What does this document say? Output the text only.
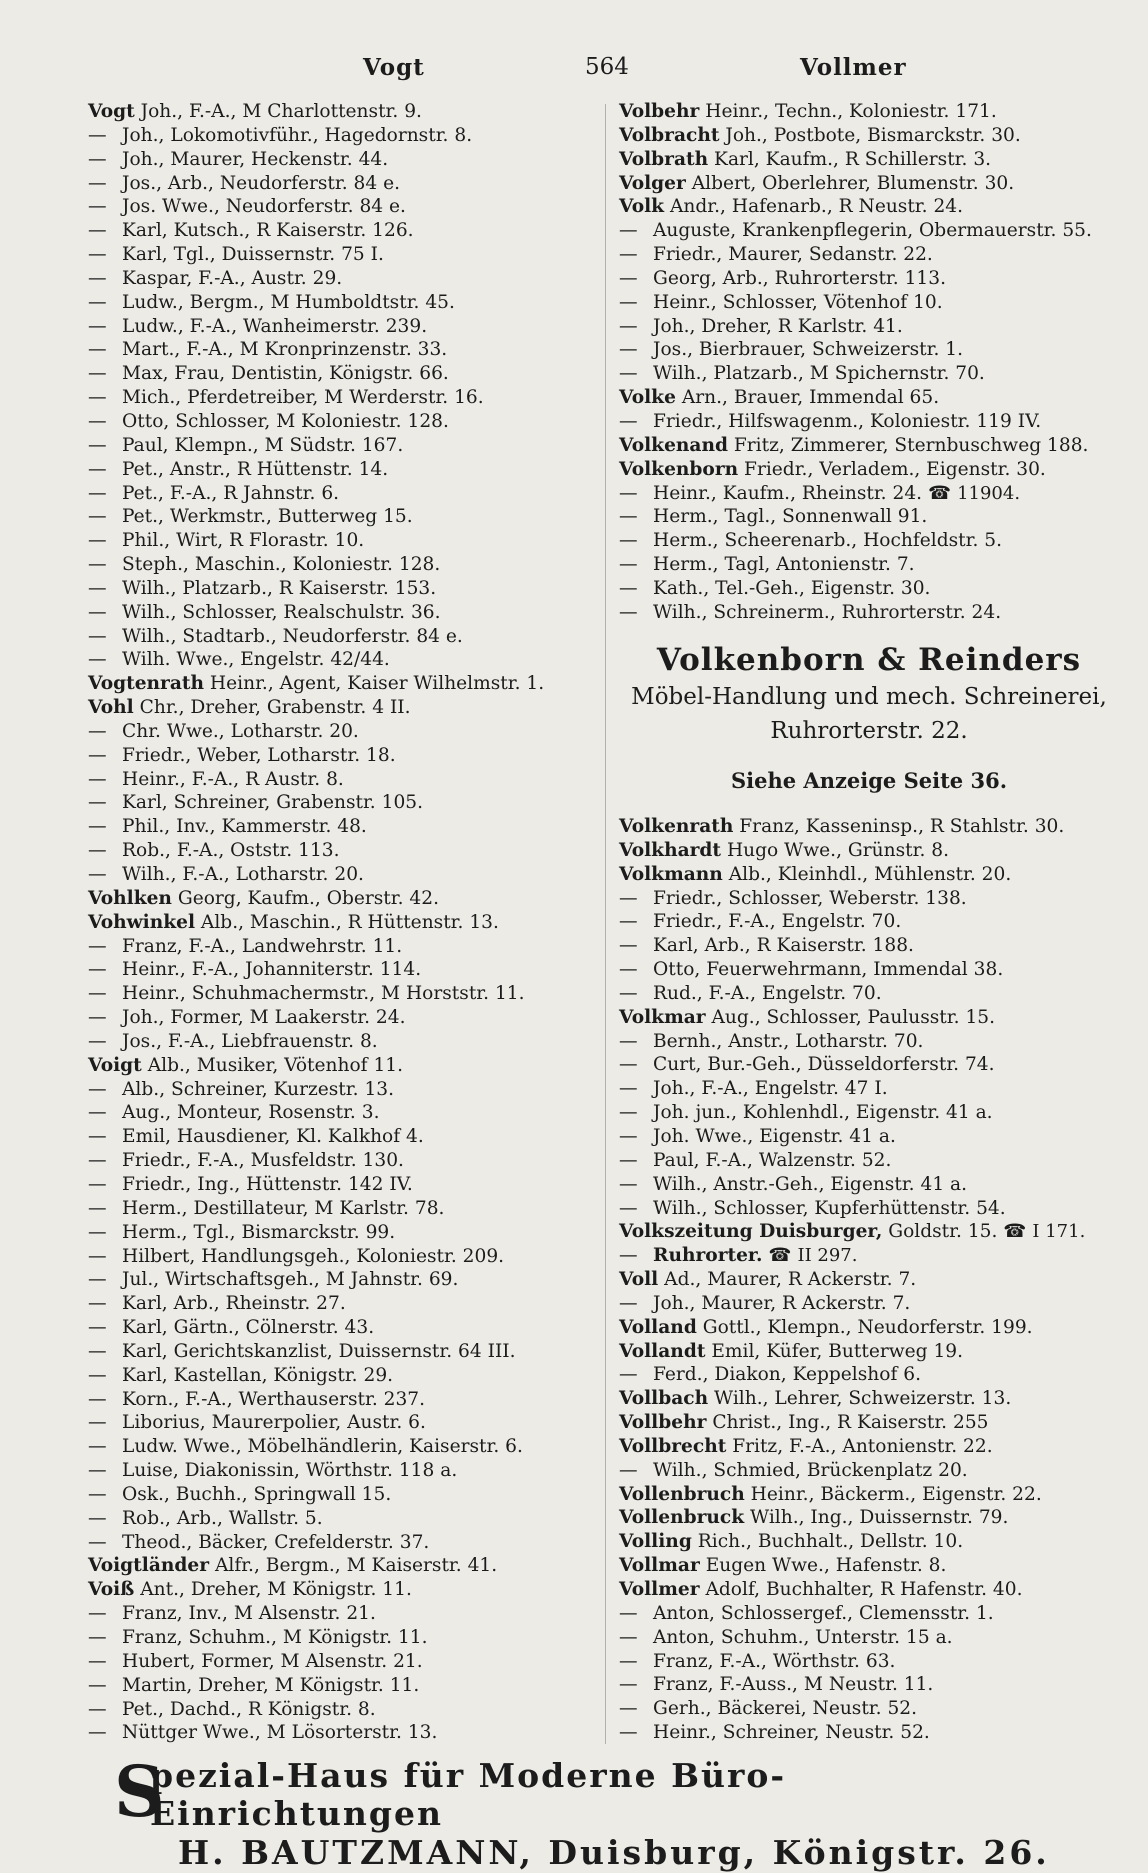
Vogt	564	Vollmer
Vogt Joh., F.-A., M Charlottenstr. 9.
— Joh., Lokomotivführ., Hagedornstr. 8.
— Joh., Maurer, Heckenstr. 44.
— Jos., Arb., Neudorferstr. 84 e.
— Jos. Wwe., Neudorferstr. 84 e.
— Karl, Kutsch., R Kaiserstr. 126.
— Karl, Tgl., Duissernstr. 75 I.
— Kaspar, F.-A., Austr. 29.
— Ludw., Bergm., M Humboldtstr. 45.
— Ludw., F.-A., Wanheimerstr. 239.
— Mart., F.-A., M Kronprinzenstr. 33.
— Max, Frau, Dentistin, Königstr. 66.
— Mich., Pferdetreiber, M Werderstr. 16.
— Otto, Schlosser, M Koloniestr. 128.
— Paul, Klempn., M Südstr. 167.
— Pet., Anstr., R Hüttenstr. 14.
— Pet., F.-A., R Jahnstr. 6.
— Pet., Werkmstr., Butterweg 15.
— Phil., Wirt, R Florastr. 10.
— Steph., Maschin., Koloniestr. 128.
— Wilh., Platzarb., R Kaiserstr. 153.
— Wilh., Schlosser, Realschulstr. 36.
— Wilh., Stadtarb., Neudorferstr. 84 e.
— Wilh. Wwe., Engelstr. 42/44.
Vogtenrath Heinr., Agent, Kaiser Wilhelmstr. 1.
Vohl Chr., Dreher, Grabenstr. 4 II.
— Chr. Wwe., Lotharstr. 20.
— Friedr., Weber, Lotharstr. 18.
— Heinr., F.-A., R Austr. 8.
— Karl, Schreiner, Grabenstr. 105.
— Phil., Inv., Kammerstr. 48.
— Rob., F.-A., Oststr. 113.
— Wilh., F.-A., Lotharstr. 20.
Vohlken Georg, Kaufm., Oberstr. 42.
Vohwinkel Alb., Maschin., R Hüttenstr. 13.
— Franz, F.-A., Landwehrstr. 11.
— Heinr., F.-A., Johanniterstr. 114.
— Heinr., Schuhmachermstr., M Horststr. 11.
— Joh., Former, M Laakerstr. 24.
— Jos., F.-A., Liebfrauenstr. 8.
Voigt Alb., Musiker, Vötenhof 11.
— Alb., Schreiner, Kurzestr. 13.
— Aug., Monteur, Rosenstr. 3.
— Emil, Hausdiener, Kl. Kalkhof 4.
— Friedr., F.-A., Musfeldstr. 130.
— Friedr., Ing., Hüttenstr. 142 IV.
— Herm., Destillateur, M Karlstr. 78.
— Herm., Tgl., Bismarckstr. 99.
— Hilbert, Handlungsgeh., Koloniestr. 209.
— Jul., Wirtschaftsgeh., M Jahnstr. 69.
— Karl, Arb., Rheinstr. 27.
— Karl, Gärtn., Cölnerstr. 43.
— Karl, Gerichtskanzlist, Duissernstr. 64 III.
— Karl, Kastellan, Königstr. 29.
— Korn., F.-A., Werthauserstr. 237.
— Liborius, Maurerpolier, Austr. 6.
— Ludw. Wwe., Möbelhändlerin, Kaiserstr. 6.
— Luise, Diakonissin, Wörthstr. 118 a.
— Osk., Buchh., Springwall 15.
— Rob., Arb., Wallstr. 5.
— Theod., Bäcker, Crefelderstr. 37.
Voigtländer Alfr., Bergm., M Kaiserstr. 41.
Voiß Ant., Dreher, M Königstr. 11.
— Franz, Inv., M Alsenstr. 21.
— Franz, Schuhm., M Königstr. 11.
— Hubert, Former, M Alsenstr. 21.
— Martin, Dreher, M Königstr. 11.
— Pet., Dachd., R Königstr. 8.
— Nüttger Wwe., M Lösorterstr. 13.
Volbehr Heinr., Techn., Koloniestr. 171.
Volbracht Joh., Postbote, Bismarckstr. 30.
Volbrath Karl, Kaufm., R Schillerstr. 3.
Volger Albert, Oberlehrer, Blumenstr. 30.
Volk Andr., Hafenarb., R Neustr. 24.
— Auguste, Krankenpflegerin, Obermauerstr. 55.
— Friedr., Maurer, Sedanstr. 22.
— Georg, Arb., Ruhrorterstr. 113.
— Heinr., Schlosser, Vötenhof 10.
— Joh., Dreher, R Karlstr. 41.
— Jos., Bierbrauer, Schweizerstr. 1.
— Wilh., Platzarb., M Spichernstr. 70.
Volke Arn., Brauer, Immendal 65.
— Friedr., Hilfswagenm., Koloniestr. 119 IV.
Volkenand Fritz, Zimmerer, Sternbuschweg 188.
Volkenborn Friedr., Verladem., Eigenstr. 30.
— Heinr., Kaufm., Rheinstr. 24. ☎ 11904.
— Herm., Tagl., Sonnenwall 91.
— Herm., Scheerenarb., Hochfeldstr. 5.
— Herm., Tagl, Antonienstr. 7.
— Kath., Tel.-Geh., Eigenstr. 30.
— Wilh., Schreinerm., Ruhrorterstr. 24.
Volkenborn & Reinders
Möbel-Handlung und mech. Schreinerei,
Ruhrorterstr. 22.
Siehe Anzeige Seite 36.
Volkenrath Franz, Kasseninsp., R Stahlstr. 30.
Volkhardt Hugo Wwe., Grünstr. 8.
Volkmann Alb., Kleinhdl., Mühlenstr. 20.
— Friedr., Schlosser, Weberstr. 138.
— Friedr., F.-A., Engelstr. 70.
— Karl, Arb., R Kaiserstr. 188.
— Otto, Feuerwehrmann, Immendal 38.
— Rud., F.-A., Engelstr. 70.
Volkmar Aug., Schlosser, Paulusstr. 15.
— Bernh., Anstr., Lotharstr. 70.
— Curt, Bur.-Geh., Düsseldorferstr. 74.
— Joh., F.-A., Engelstr. 47 I.
— Joh. jun., Kohlenhdl., Eigenstr. 41 a.
— Joh. Wwe., Eigenstr. 41 a.
— Paul, F.-A., Walzenstr. 52.
— Wilh., Anstr.-Geh., Eigenstr. 41 a.
— Wilh., Schlosser, Kupferhüttenstr. 54.
Volkszeitung Duisburger, Goldstr. 15. ☎ I 171.
— Ruhrorter. ☎ II 297.
Voll Ad., Maurer, R Ackerstr. 7.
— Joh., Maurer, R Ackerstr. 7.
Volland Gottl., Klempn., Neudorferstr. 199.
Vollandt Emil, Küfer, Butterweg 19.
— Ferd., Diakon, Keppelshof 6.
Vollbach Wilh., Lehrer, Schweizerstr. 13.
Vollbehr Christ., Ing., R Kaiserstr. 255
Vollbrecht Fritz, F.-A., Antonienstr. 22.
— Wilh., Schmied, Brückenplatz 20.
Vollenbruch Heinr., Bäckerm., Eigenstr. 22.
Vollenbruck Wilh., Ing., Duissernstr. 79.
Volling Rich., Buchhalt., Dellstr. 10.
Vollmar Eugen Wwe., Hafenstr. 8.
Vollmer Adolf, Buchhalter, R Hafenstr. 40.
— Anton, Schlossergef., Clemensstr. 1.
— Anton, Schuhm., Unterstr. 15 a.
— Franz, F.-A., Wörthstr. 63.
— Franz, F.-Auss., M Neustr. 11.
— Gerh., Bäckerei, Neustr. 52.
— Heinr., Schreiner, Neustr. 52.
S
pezial-Haus für Moderne Büro-Einrichtungen
H. BAUTZMANN, Duisburg, Königstr. 26.
